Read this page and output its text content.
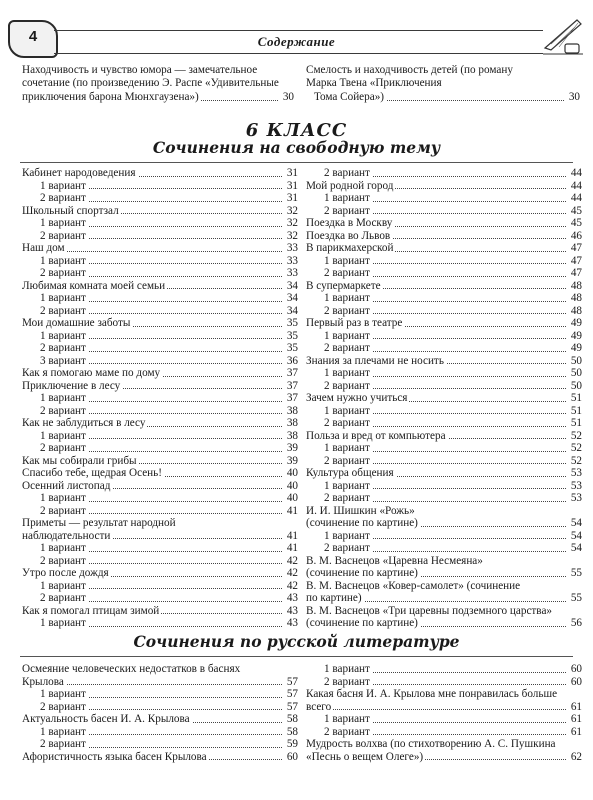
4	Содержание
Находчивость и чувство юмора — замечательное
сочетание (по произведению Э. Распе «Удивительные
приключения барона Мюнхгаузена»)	30
Смелость и находчивость детей (по роману
Марка Твена «Приключения
Тома Сойера»)	30
6 КЛАСС
Сочинения на свободную тему
Кабинет народоведения	31
1 вариант	31
2 вариант	31
Школьный спортзал	32
1 вариант	32
2 вариант	32
Наш дом	33
1 вариант	33
2 вариант	33
Любимая комната моей семьи	34
1 вариант	34
2 вариант	34
Мои домашние заботы	35
1 вариант	35
2 вариант	35
3 вариант	36
Как я помогаю маме по дому	37
Приключение в лесу	37
1 вариант	37
2 вариант	38
Как не заблудиться в лесу	38
1 вариант	38
2 вариант	39
Как мы собирали грибы	39
Спасибо тебе, щедрая Осень!	40
Осенний листопад	40
1 вариант	40
2 вариант	41
Приметы — результат народной
наблюдательности	41
1 вариант	41
2 вариант	42
Утро после дождя	42
1 вариант	42
2 вариант	43
Как я помогал птицам зимой	43
1 вариант	43
2 вариант	44
Мой родной город	44
1 вариант	44
2 вариант	45
Поездка в Москву	45
Поездка во Львов	46
В парикмахерской	47
1 вариант	47
2 вариант	47
В супермаркете	48
1 вариант	48
2 вариант	48
Первый раз в театре	49
1 вариант	49
2 вариант	49
Знания за плечами не носить	50
1 вариант	50
2 вариант	50
Зачем нужно учиться	51
1 вариант	51
2 вариант	51
Польза и вред от компьютера	52
1 вариант	52
2 вариант	52
Культура общения	53
1 вариант	53
2 вариант	53
И. И. Шишкин «Рожь»
(сочинение по картине)	54
1 вариант	54
2 вариант	54
В. М. Васнецов «Царевна Несмеяна»
(сочинение по картине)	55
В. М. Васнецов «Ковер-самолет» (сочинение
по картине)	55
В. М. Васнецов «Три царевны подземного царства»
(сочинение по картине)	56
Сочинения по русской литературе
Осмеяние человеческих недостатков в баснях
Крылова	57
1 вариант	57
2 вариант	57
Актуальность басен И. А. Крылова	58
1 вариант	58
2 вариант	59
Афористичность языка басен Крылова	60
1 вариант	60
2 вариант	60
Какая басня И. А. Крылова мне понравилась больше
всего	61
1 вариант	61
2 вариант	61
Мудрость волхва (по стихотворению А. С. Пушкина
«Песнь о вещем Олеге»)	62
